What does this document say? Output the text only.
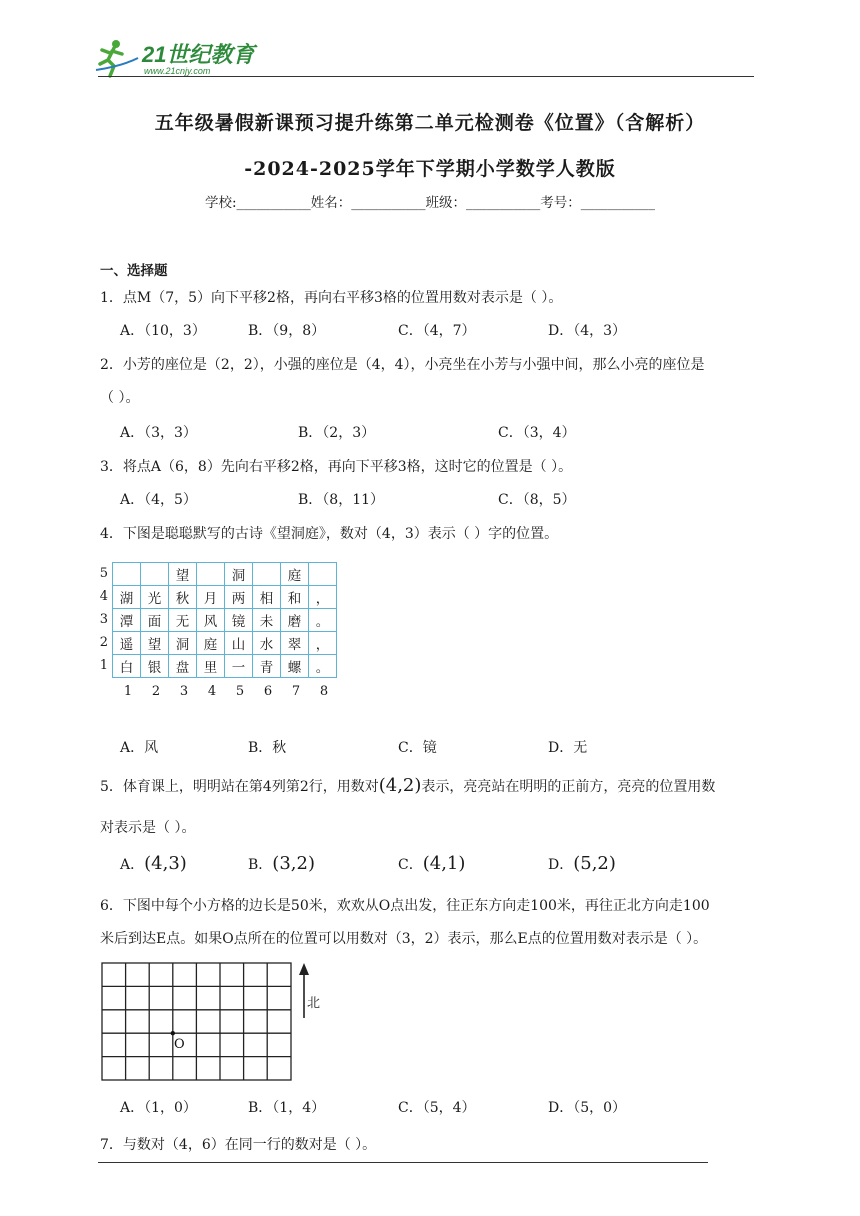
21世纪教育
www.21cnjy.com
五年级暑假新课预习提升练第二单元检测卷《位置》（含解析）
-2024-2025学年下学期小学数学人教版
学校:___________姓名：___________班级：___________考号：___________
一、选择题
1．点M（7，5）向下平移2格，再向右平移3格的位置用数对表示是（ ）。
A．（10，3）	B．（9，8）	C．（4，7）	D．（4，3）
2．小芳的座位是（2，2），小强的座位是（4，4），小亮坐在小芳与小强中间，那么小亮的座位是
（ ）。
A．（3，3）	B．（2，3）	C．（3，4）
3．将点A（6，8）先向右平移2格，再向下平移3格，这时它的位置是（ ）。
A．（4，5）	B．（8，11）	C．（8，5）
4．下图是聪聪默写的古诗《望洞庭》，数对（4，3）表示（ ）字的位置。
5
4
3
2
1

		望		洞		庭	
湖	光	秋	月	两	相	和	，
潭	面	无	风	镜	未	磨	。
遥	望	洞	庭	山	水	翠	，
白	银	盘	里	一	青	螺	。
1 2 3 4 5 6 7 8
A．风	B．秋	C．镜	D．无
5．体育课上，明明站在第4列第2行，用数对(4,2)表示，亮亮站在明明的正前方，亮亮的位置用数
对表示是（ ）。
A．(4,3)	B．(3,2)	C．(4,1)	D．(5,2)
6．下图中每个小方格的边长是50米，欢欢从O点出发，往正东方向走100米，再往正北方向走100
米后到达E点。如果O点所在的位置可以用数对（3，2）表示，那么E点的位置用数对表示是（ ）。
O
北
A．（1，0）	B．（1，4）	C．（5，4）	D．（5，0）
7．与数对（4，6）在同一行的数对是（ ）。
